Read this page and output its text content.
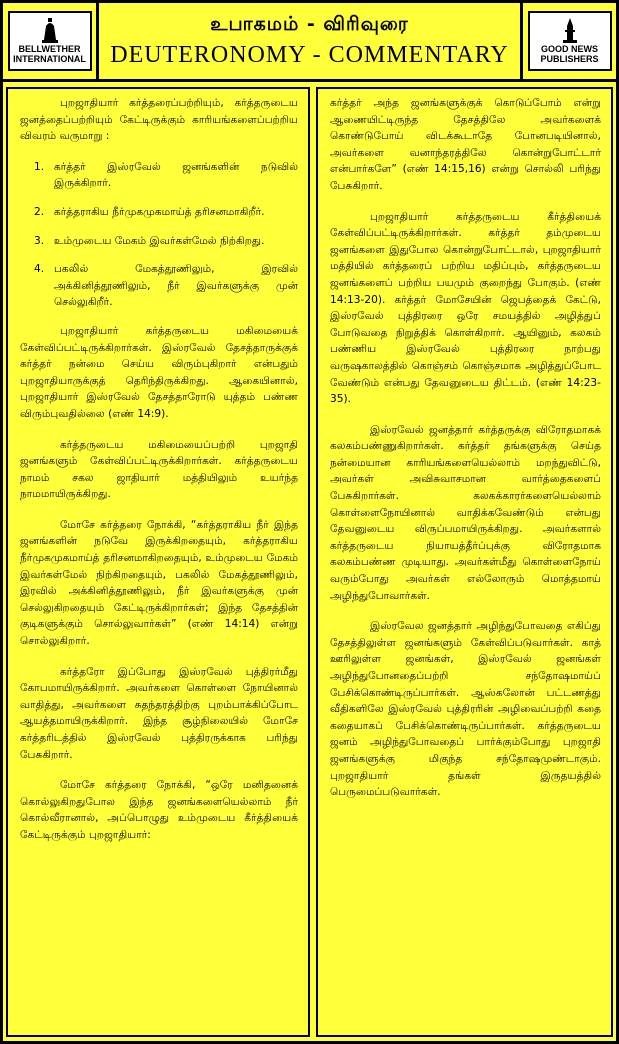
BELLWETHER
INTERNATIONAL
உபாகமம் - விரிவுரை
DEUTERONOMY - COMMENTARY	GOOD NEWS
PUBLISHERS

புறஜாதியார் கர்த்தரைப்பற்றியும், கர்த்தருடைய ஜனத்தைப்பற்றியும் கேட்டிருக்கும் காரியங்களைப்பற்றிய விவரம் வருமாறு :

1. கர்த்தர் இஸ்ரவேல் ஜனங்களின் நடுவில் இருக்கிறார்.
2. கர்த்தராகிய நீர்முகமுகமாய்த் தரிசனமாகிறீர்.
3. உம்முடைய மேகம் இவர்கள்மேல் நிற்கிறது.
4. பகலில் மேகத்தூணிலும், இரவில் அக்கினித்தூணிலும், நீர் இவர்களுக்கு முன் செல்லுகிறீர்.

புறஜாதியார் கர்த்தருடைய மகிமையைக் கேள்விப்பட்டிருக்கிறார்கள். இஸ்ரவேல் தேசத்தாருக்குக் கர்த்தர் நன்மை செய்ய விரும்புகிறார் என்பதும் புறஜாதியாருக்குத் தெரிந்திருக்கிறது. ஆகையினால், புறஜாதியார் இஸ்ரவேல் தேசத்தாரோடு யுத்தம் பண்ண விரும்புவதில்லை (எண் 14:9).

கர்த்தருடைய மகிமையைப்பற்றி புறஜாதி ஜனங்களும் கேள்விப்பட்டிருக்கிறார்கள். கர்த்தருடைய நாமம் சகல ஜாதியார் மத்தியிலும் உயர்ந்த நாமமாயிருக்கிறது.

மோசே கர்த்தரை நோக்கி, “கர்த்தராகிய நீர் இந்த ஜனங்களின் நடுவே இருக்கிறதையும், கர்த்தராகிய நீர்முகமுகமாய்த் தரிசனமாகிறதையும், உம்முடைய மேகம் இவர்கள்மேல் நிற்கிறதையும், பகலில் மேகத்தூணிலும், இரவில் அக்கினித்தூணிலும், நீர் இவர்களுக்கு முன் செல்லுகிறதையும் கேட்டிருக்கிறார்கள்; இந்த தேசத்தின் குடிகளுக்கும் சொல்லுவார்கள்” (எண் 14:14) என்று சொல்லுகிறார்.

கர்த்தரோ இப்போது இஸ்ரவேல் புத்திரர்மீது கோபமாயிருக்கிறார். அவர்களை கொள்ளை நோயினால் வாதித்து, அவர்களை சுதந்தரத்திற்கு புறம்பாக்கிப்போட ஆயத்தமாயிருக்கிறார். இந்த சூழ்நிலையில் மோசே கர்த்தரிடத்தில் இஸ்ரவேல் புத்திரருக்காக பரிந்து பேசுகிறார்.

மோசே கர்த்தரை நோக்கி, “ஒரே மனிதனைக் கொல்லுகிறதுபோல இந்த ஜனங்களையெல்லாம் நீர் கொல்வீரானால், அப்பொழுது உம்முடைய கீர்த்தியைக் கேட்டிருக்கும் புறஜாதியார்:

கர்த்தர் அந்த ஜனங்களுக்குக் கொடுப்போம் என்று ஆணையிட்டிருந்த தேசத்திலே அவர்களைக் கொண்டுபோய் விடக்கூடாதே போனபடியினால், அவர்களை வனாந்தரத்திலே கொன்றுபோட்டார் என்பார்களே” (எண் 14:15,16) என்று சொல்லி பரிந்து பேசுகிறார்.

புறஜாதியார் கர்த்தருடைய கீர்த்தியைக் கேள்விப்பட்டிருக்கிறார்கள். கர்த்தர் தம்முடைய ஜனங்களை இதுபோல கொன்றுபோட்டால், புறஜாதியார் மத்தியில் கர்த்தரைப் பற்றிய மதிப்பும், கர்த்தருடைய ஜனங்களைப் பற்றிய பயமும் குறைந்து போகும். (எண் 14:13-20). கர்த்தர் மோசேயின் ஜெபத்தைக் கேட்டு, இஸ்ரவேல் புத்திரரை ஒரே சமயத்தில் அழித்துப் போடுவதை நிறுத்திக் கொள்கிறார். ஆயினும், கலகம் பண்ணிய இஸ்ரவேல் புத்திரரை நாற்பது வருஷகாலத்தில் கொஞ்சம் கொஞ்சமாக அழித்துப்போட வேண்டும் என்பது தேவனுடைய திட்டம். (எண் 14:23-35).

இஸ்ரவேல் ஜனத்தார் கர்த்தருக்கு விரோதமாகக் கலகம்பண்ணுகிறார்கள். கர்த்தர் தங்களுக்கு செய்த நன்மையான காரியங்களையெல்லாம் மறந்துவிட்டு, அவர்கள் அவிசுவாசமான வார்த்தைகளைப் பேசுகிறார்கள். கலகக்காரர்களையெல்லாம் கொள்ளைநோயினால் வாதிக்கவேண்டும் என்பது தேவனுடைய விருப்பமாயிருக்கிறது. அவர்களால் கர்த்தருடைய நியாயத்தீர்ப்புக்கு விரோதமாக கலகம்பண்ண முடியாது. அவர்கள்மீது கொள்ளைநோய் வரும்போது அவர்கள் எல்லோரும் மொத்தமாய் அழிந்துபோவார்கள்.

இஸ்ரவேல ஜனத்தார் அழிந்துபோவதை எகிப்து தேசத்திலுள்ள ஜனங்களும் கேள்விப்படுவார்கள். காத் ஊரிலுள்ள ஜனங்கள், இஸ்ரவேல் ஜனங்கள் அழிந்துபோனதைப்பற்றி சந்தோஷமாய்ப் பேசிக்கொண்டிருப்பார்கள். ஆஸ்கலோன் பட்டணத்து வீதிகளிலே இஸ்ரவேல் புத்திரரின் அழிவைப்பற்றி கதை கதையாகப் பேசிக்கொண்டிருப்பார்கள். கர்த்தருடைய ஜனம் அழிந்துபோவதைப் பார்க்கும்போது புறஜாதி ஜனங்களுக்கு மிகுந்த சந்தோஷமுண்டாகும். புறஜாதியார் தங்கள் இருதயத்தில் பெருமைப்படுவார்கள்.
